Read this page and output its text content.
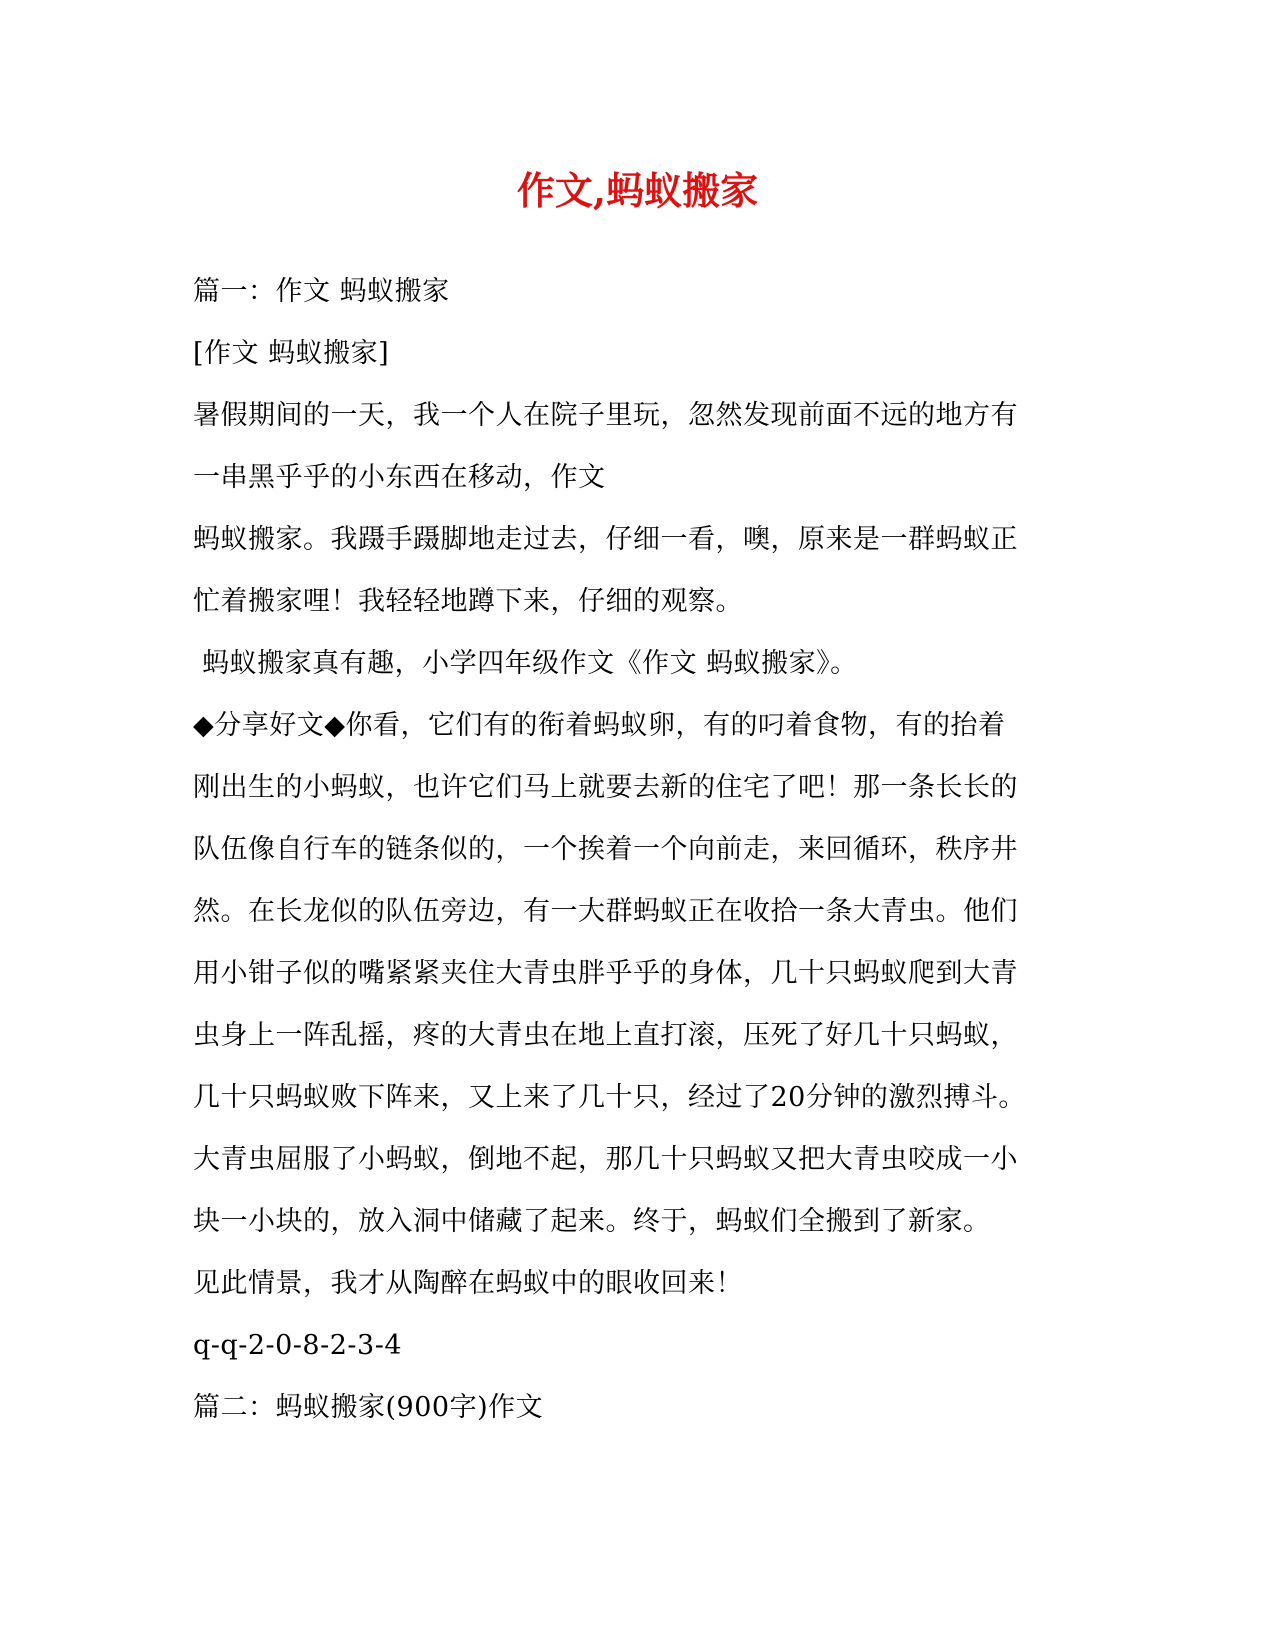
作文,蚂蚁搬家
篇一：作文 蚂蚁搬家
[作文 蚂蚁搬家]
暑假期间的一天，我一个人在院子里玩，忽然发现前面不远的地方有
一串黑乎乎的小东西在移动，作文
蚂蚁搬家。我蹑手蹑脚地走过去，仔细一看，噢，原来是一群蚂蚁正
忙着搬家哩！我轻轻地蹲下来，仔细的观察。
蚂蚁搬家真有趣，小学四年级作文《作文 蚂蚁搬家》。
◆分享好文◆你看，它们有的衔着蚂蚁卵，有的叼着食物，有的抬着
刚出生的小蚂蚁，也许它们马上就要去新的住宅了吧！那一条长长的
队伍像自行车的链条似的，一个挨着一个向前走，来回循环，秩序井
然。在长龙似的队伍旁边，有一大群蚂蚁正在收拾一条大青虫。他们
用小钳子似的嘴紧紧夹住大青虫胖乎乎的身体，几十只蚂蚁爬到大青
虫身上一阵乱摇，疼的大青虫在地上直打滚，压死了好几十只蚂蚁，
几十只蚂蚁败下阵来，又上来了几十只，经过了20分钟的激烈搏斗。
大青虫屈服了小蚂蚁，倒地不起，那几十只蚂蚁又把大青虫咬成一小
块一小块的，放入洞中储藏了起来。终于，蚂蚁们全搬到了新家。
见此情景，我才从陶醉在蚂蚁中的眼收回来！
q-q-2-0-8-2-3-4
篇二：蚂蚁搬家(900字)作文
